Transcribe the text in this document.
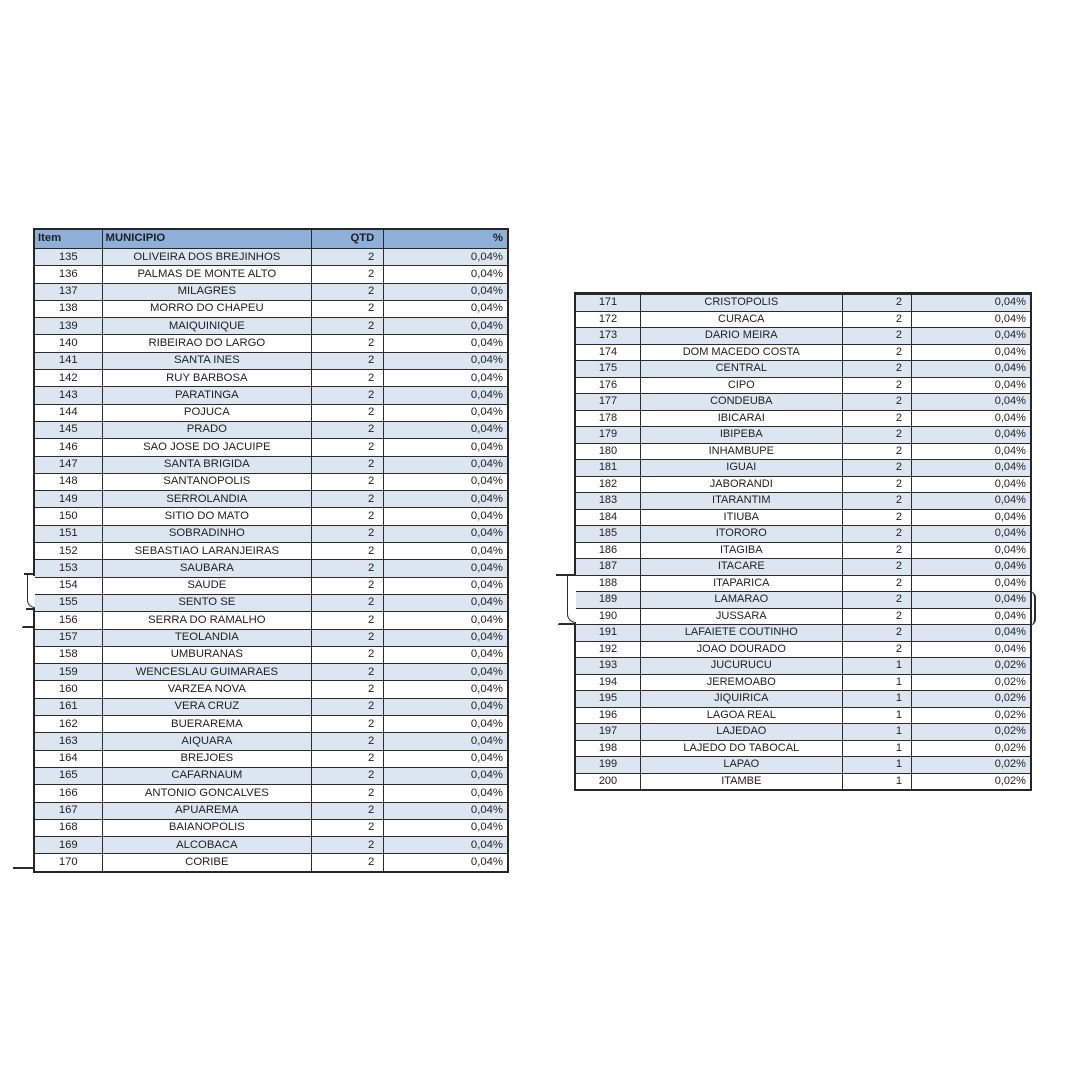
Item	MUNICIPIO	QTD	%
135	OLIVEIRA DOS BREJINHOS	2	0,04%
136	PALMAS DE MONTE ALTO	2	0,04%
137	MILAGRES	2	0,04%
138	MORRO DO CHAPEU	2	0,04%
139	MAIQUINIQUE	2	0,04%
140	RIBEIRAO DO LARGO	2	0,04%
141	SANTA INES	2	0,04%
142	RUY BARBOSA	2	0,04%
143	PARATINGA	2	0,04%
144	POJUCA	2	0,04%
145	PRADO	2	0,04%
146	SAO JOSE DO JACUIPE	2	0,04%
147	SANTA BRIGIDA	2	0,04%
148	SANTANOPOLIS	2	0,04%
149	SERROLANDIA	2	0,04%
150	SITIO DO MATO	2	0,04%
151	SOBRADINHO	2	0,04%
152	SEBASTIAO LARANJEIRAS	2	0,04%
153	SAUBARA	2	0,04%
154	SAUDE	2	0,04%
155	SENTO SE	2	0,04%
156	SERRA DO RAMALHO	2	0,04%
157	TEOLANDIA	2	0,04%
158	UMBURANAS	2	0,04%
159	WENCESLAU GUIMARAES	2	0,04%
160	VARZEA NOVA	2	0,04%
161	VERA CRUZ	2	0,04%
162	BUERAREMA	2	0,04%
163	AIQUARA	2	0,04%
164	BREJOES	2	0,04%
165	CAFARNAUM	2	0,04%
166	ANTONIO GONCALVES	2	0,04%
167	APUAREMA	2	0,04%
168	BAIANOPOLIS	2	0,04%
169	ALCOBACA	2	0,04%
170	CORIBE	2	0,04%
171	CRISTOPOLIS	2	0,04%
172	CURACA	2	0,04%
173	DARIO MEIRA	2	0,04%
174	DOM MACEDO COSTA	2	0,04%
175	CENTRAL	2	0,04%
176	CIPO	2	0,04%
177	CONDEUBA	2	0,04%
178	IBICARAI	2	0,04%
179	IBIPEBA	2	0,04%
180	INHAMBUPE	2	0,04%
181	IGUAI	2	0,04%
182	JABORANDI	2	0,04%
183	ITARANTIM	2	0,04%
184	ITIUBA	2	0,04%
185	ITORORO	2	0,04%
186	ITAGIBA	2	0,04%
187	ITACARE	2	0,04%
188	ITAPARICA	2	0,04%
189	LAMARAO	2	0,04%
190	JUSSARA	2	0,04%
191	LAFAIETE COUTINHO	2	0,04%
192	JOAO DOURADO	2	0,04%
193	JUCURUCU	1	0,02%
194	JEREMOABO	1	0,02%
195	JIQUIRICA	1	0,02%
196	LAGOA REAL	1	0,02%
197	LAJEDAO	1	0,02%
198	LAJEDO DO TABOCAL	1	0,02%
199	LAPAO	1	0,02%
200	ITAMBE	1	0,02%
